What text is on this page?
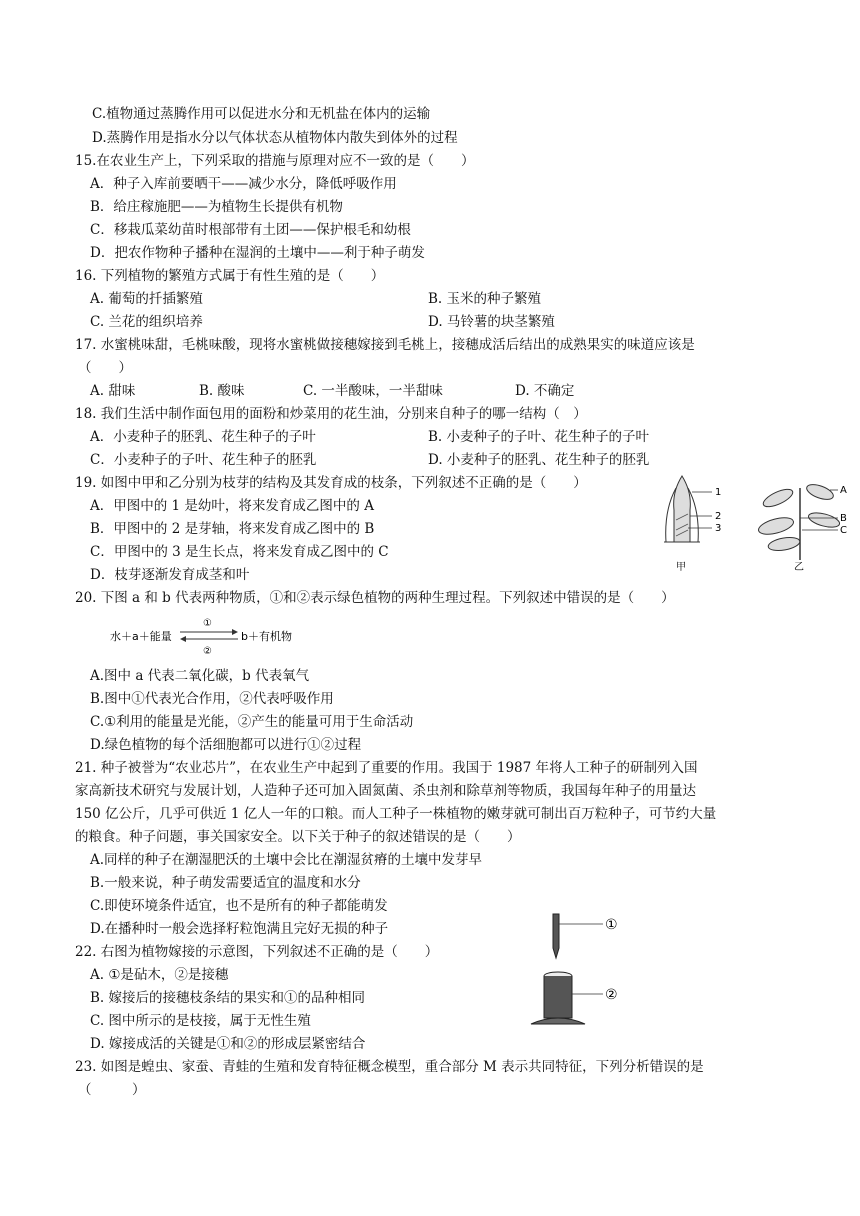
C.植物通过蒸腾作用可以促进水分和无机盐在体内的运输
D.蒸腾作用是指水分以气体状态从植物体内散失到体外的过程
15.在农业生产上，下列采取的措施与原理对应不一致的是（　　）
A．种子入库前要晒干——减少水分，降低呼吸作用
B．给庄稼施肥——为植物生长提供有机物
C．移栽瓜菜幼苗时根部带有土团——保护根毛和幼根
D．把农作物种子播种在湿润的土壤中——利于种子萌发
16. 下列植物的繁殖方式属于有性生殖的是（　　）
A. 葡萄的扦插繁殖	B. 玉米的种子繁殖
C. 兰花的组织培养	D. 马铃薯的块茎繁殖
17. 水蜜桃味甜，毛桃味酸，现将水蜜桃做接穗嫁接到毛桃上，接穗成活后结出的成熟果实的味道应该是
（　　）
A. 甜味	B. 酸味	C. 一半酸味，一半甜味	D. 不确定
18. 我们生活中制作面包用的面粉和炒菜用的花生油，分别来自种子的哪一结构（　）
A．小麦种子的胚乳、花生种子的子叶	B. 小麦种子的子叶、花生种子的子叶
C．小麦种子的子叶、花生种子的胚乳	D. 小麦种子的胚乳、花生种子的胚乳
19. 如图中甲和乙分别为枝芽的结构及其发育成的枝条，下列叙述不正确的是（　　）
A．甲图中的 1 是幼叶，将来发育成乙图中的 A
B．甲图中的 2 是芽轴，将来发育成乙图中的 B
C．甲图中的 3 是生长点，将来发育成乙图中的 C
D．枝芽逐渐发育成茎和叶
20. 下图 a 和 b 代表两种物质，①和②表示绿色植物的两种生理过程。下列叙述中错误的是（　　）
A.图中 a 代表二氧化碳，b 代表氧气
B.图中①代表光合作用，②代表呼吸作用
C.①利用的能量是光能，②产生的能量可用于生命活动
D.绿色植物的每个活细胞都可以进行①②过程
21. 种子被誉为“农业芯片”，在农业生产中起到了重要的作用。我国于 1987 年将人工种子的研制列入国
家高新技术研究与发展计划，人造种子还可加入固氮菌、杀虫剂和除草剂等物质，我国每年种子的用量达
150 亿公斤，几乎可供近 1 亿人一年的口粮。而人工种子一株植物的嫩芽就可制出百万粒种子，可节约大量
的粮食。种子问题，事关国家安全。以下关于种子的叙述错误的是（　　）
A.同样的种子在潮湿肥沃的土壤中会比在潮湿贫瘠的土壤中发芽早
B.一般来说，种子萌发需要适宜的温度和水分
C.即使环境条件适宜，也不是所有的种子都能萌发
D.在播种时一般会选择籽粒饱满且完好无损的种子
22. 右图为植物嫁接的示意图，下列叙述不正确的是（　　）
A. ①是砧木，②是接穗
B. 嫁接后的接穗枝条结的果实和①的品种相同
C. 图中所示的是枝接，属于无性生殖
D. 嫁接成活的关键是①和②的形成层紧密结合
23. 如图是蝗虫、家蚕、青蛙的生殖和发育特征概念模型，重合部分 M 表示共同特征，下列分析错误的是
（　　　）
1
2
3
甲
A
B
C
乙
水＋a＋能量
①
②
b＋有机物
①
②
